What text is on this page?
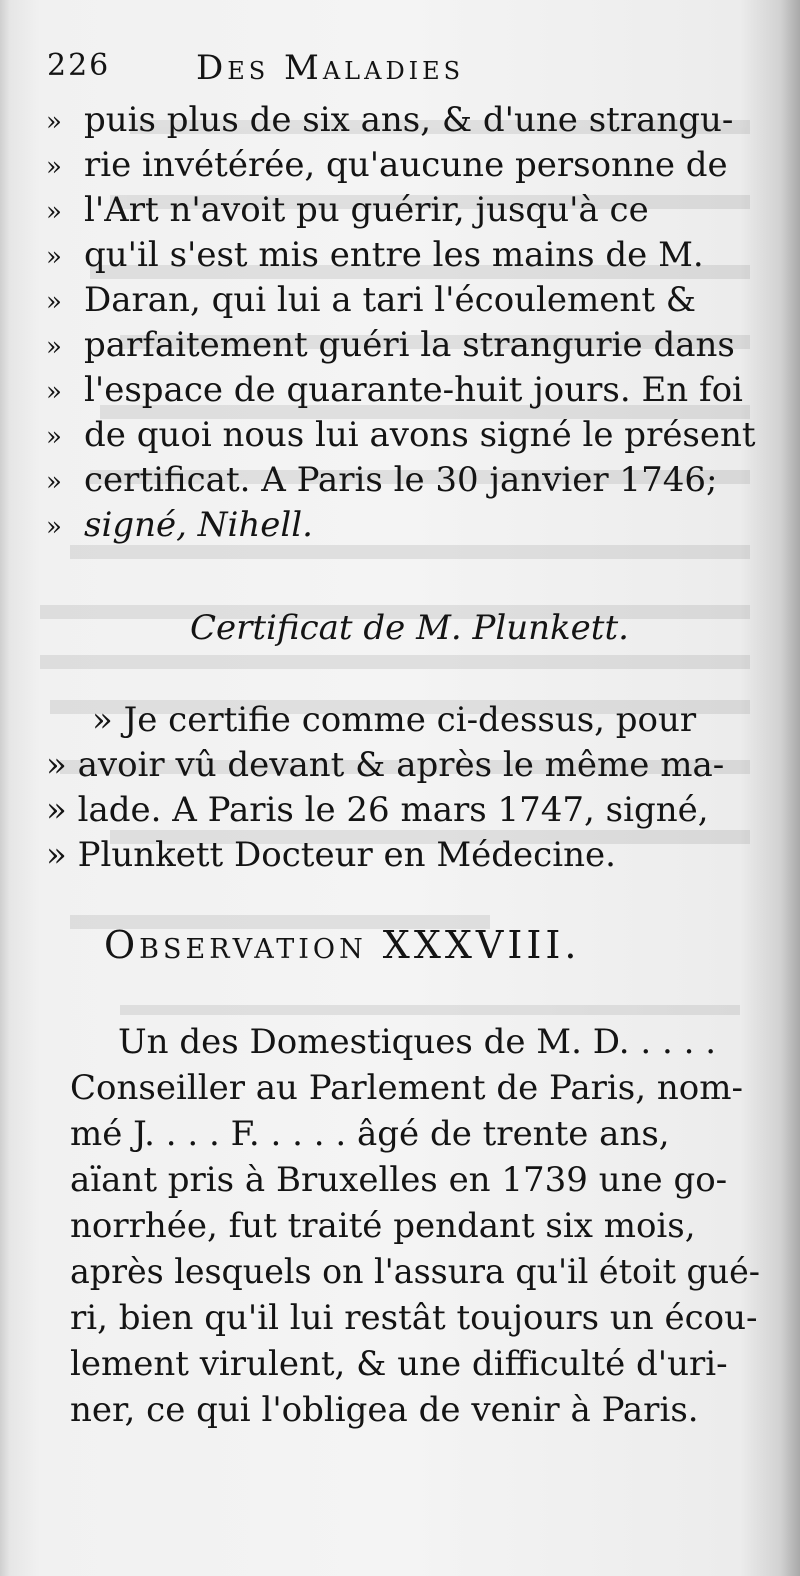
226	Des Maladies
» puis plus de six ans, & d'une strangu-
» rie invétérée, qu'aucune personne de
» l'Art n'avoit pu guérir, jusqu'à ce
» qu'il s'est mis entre les mains de M.
» Daran, qui lui a tari l'écoulement &
» parfaitement guéri la strangurie dans
» l'espace de quarante-huit jours. En foi
» de quoi nous lui avons signé le présent
» certificat. A Paris le 30 janvier 1746;
» signé, Nihell.
Certificat de M. Plunkett.
» Je certifie comme ci-dessus, pour
» avoir vû devant & après le même ma-
» lade. A Paris le 26 mars 1747, signé,
» Plunkett Docteur en Médecine.
Observation XXXVIII.
Un des Domestiques de M. D. . . . .
Conseiller au Parlement de Paris, nom-
mé J. . . . F. . . . . âgé de trente ans,
aïant pris à Bruxelles en 1739 une go-
norrhée, fut traité pendant six mois,
après lesquels on l'assura qu'il étoit gué-
ri, bien qu'il lui restât toujours un écou-
lement virulent, & une difficulté d'uri-
ner, ce qui l'obligea de venir à Paris.
